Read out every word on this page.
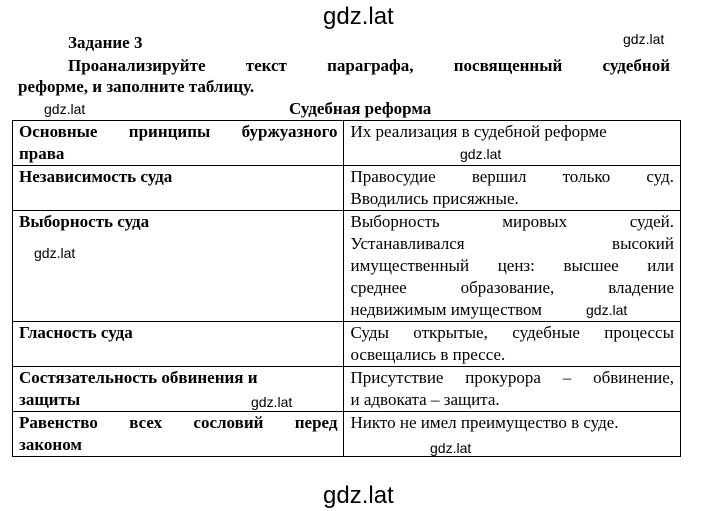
gdz.lat
gdz.lat
gdz.lat
gdz.lat
gdz.lat
gdz.lat
gdz.lat
gdz.lat
gdz.lat
Задание 3
Проанализируйте текст параграфа, посвященный судебной
реформе, и заполните таблицу.
Судебная реформа
Основные принципы буржуазного
права	Их реализация в судебной реформе

Независимость суда	Правосудие вершил только суд.
Вводились присяжные.

Выборность суда	Выборность мировых судей.
Устанавливался высокий
имущественный ценз: высшее или
среднее образование, владение
недвижимым имуществом

Гласность суда	Суды открытые, судебные процессы
освещались в прессе.

Состязательность обвинения и
защиты	Присутствие прокурора – обвинение,
и адвоката – защита.

Равенство всех сословий перед
законом	Никто не имел преимущество в суде.
